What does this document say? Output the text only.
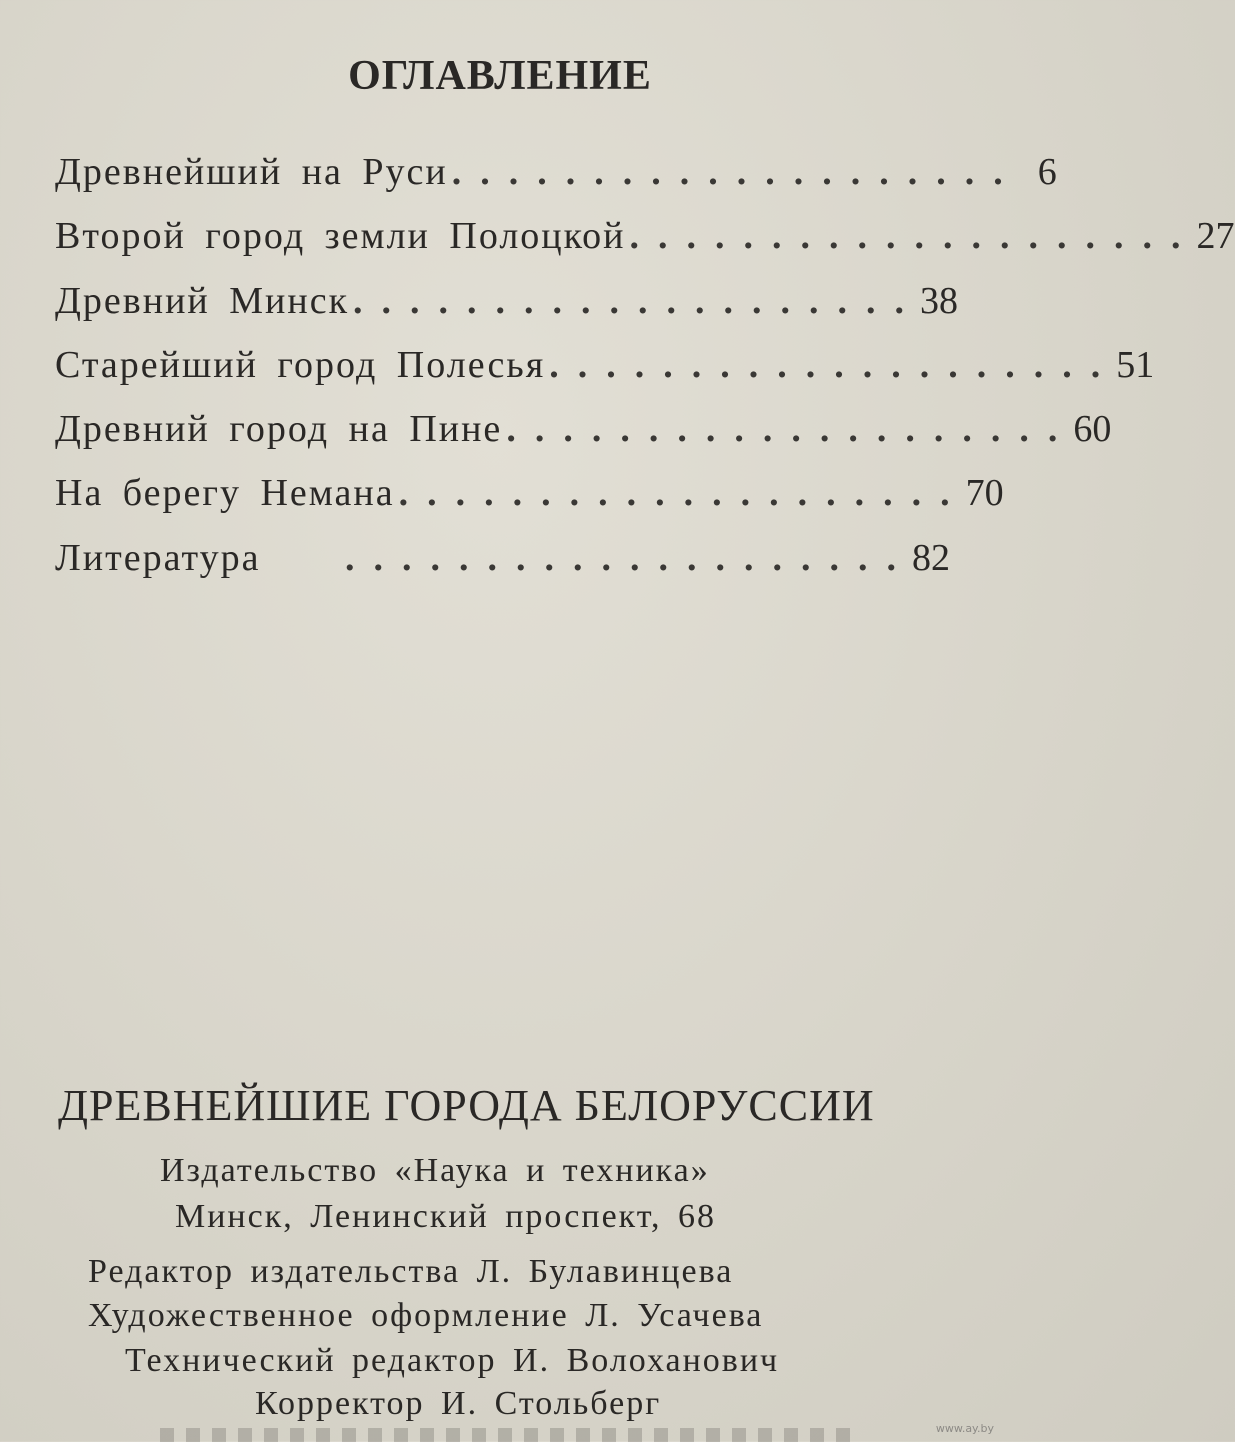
ОГЛАВЛЕНИЕ
Древнейший на Руси .  .  .  .  .  .  .  .  .  .  .  .  .  .  .  .  .  .  .  . 6
Второй город земли Полоцкой .  .  .  .  .  .  .  .  .  .  .  .  .  .  .  .  .  .  .  . 27
Древний Минск .  .  .  .  .  .  .  .  .  .  .  .  .  .  .  .  .  .  .  . 38
Старейший город Полесья .  .  .  .  .  .  .  .  .  .  .  .  .  .  .  .  .  .  .  . 51
Древний город на Пине .  .  .  .  .  .  .  .  .  .  .  .  .  .  .  .  .  .  .  . 60
На берегу Немана .  .  .  .  .  .  .  .  .  .  .  .  .  .  .  .  .  .  .  . 70
Литература	.  .  .  .  .  .  .  .  .  .  .  .  .  .  .  .  .  .  .  . 82
ДРЕВНЕЙШИЕ ГОРОДА БЕЛОРУССИИ
Издательство «Наука и техника»
Минск, Ленинский проспект, 68
Редактор издательства Л. Булавинцева
Художественное оформление Л. Усачева
Технический редактор И. Волоханович
Корректор И. Стольберг
www.ay.by
